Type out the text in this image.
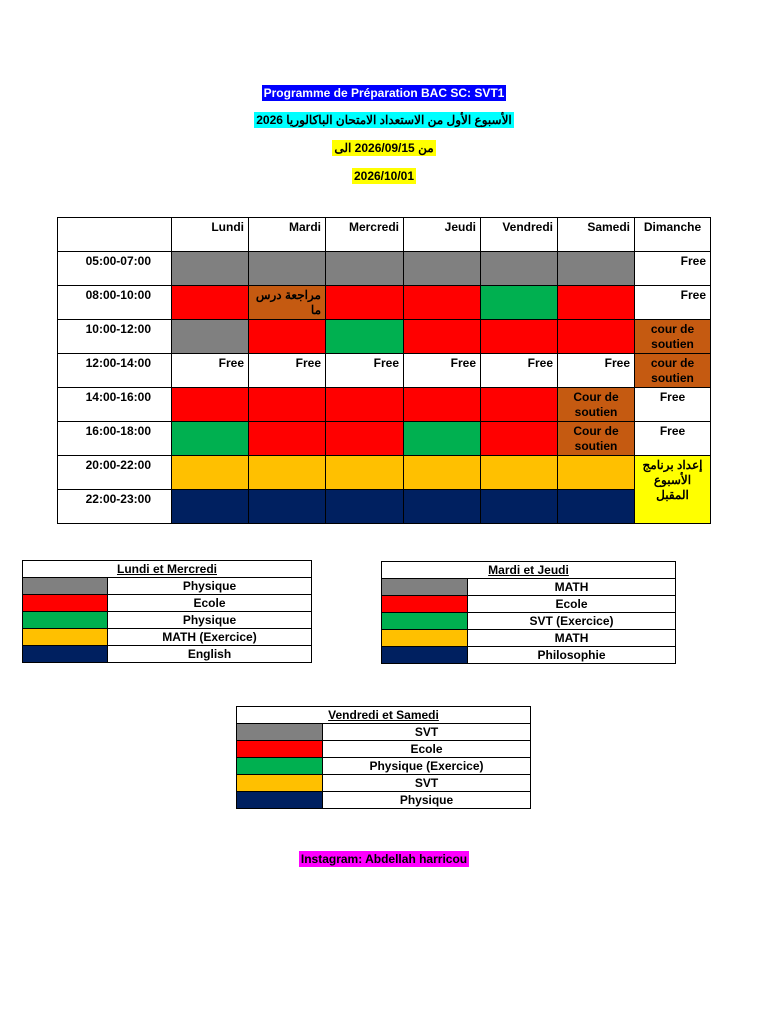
Programme de Préparation BAC SC: SVT1
الأسبوع الأول من الاستعداد الامتحان الباكالوريا 2026
من 2026/09/15 الى
2026/10/01
	Lundi	Mardi	Mercredi	Jeudi	Vendredi	Samedi	Dimanche
05:00-07:00							Free
08:00-10:00		مراجعة درس ما					Free
10:00-12:00							cour de soutien
12:00-14:00	Free	Free	Free	Free	Free	Free	cour de soutien
14:00-16:00						Cour de soutien	Free
16:00-18:00						Cour de soutien	Free
20:00-22:00							إعداد برنامج الأسبوع المقبل
22:00-23:00							
Lundi et Mercredi	
	Physique
	Ecole
	Physique
	MATH (Exercice)
	English
Mardi et Jeudi	
	MATH
	Ecole
	SVT (Exercice)
	MATH
	Philosophie
Vendredi et Samedi	
	SVT
	Ecole
	Physique (Exercice)
	SVT
	Physique
Instagram: Abdellah harricou
